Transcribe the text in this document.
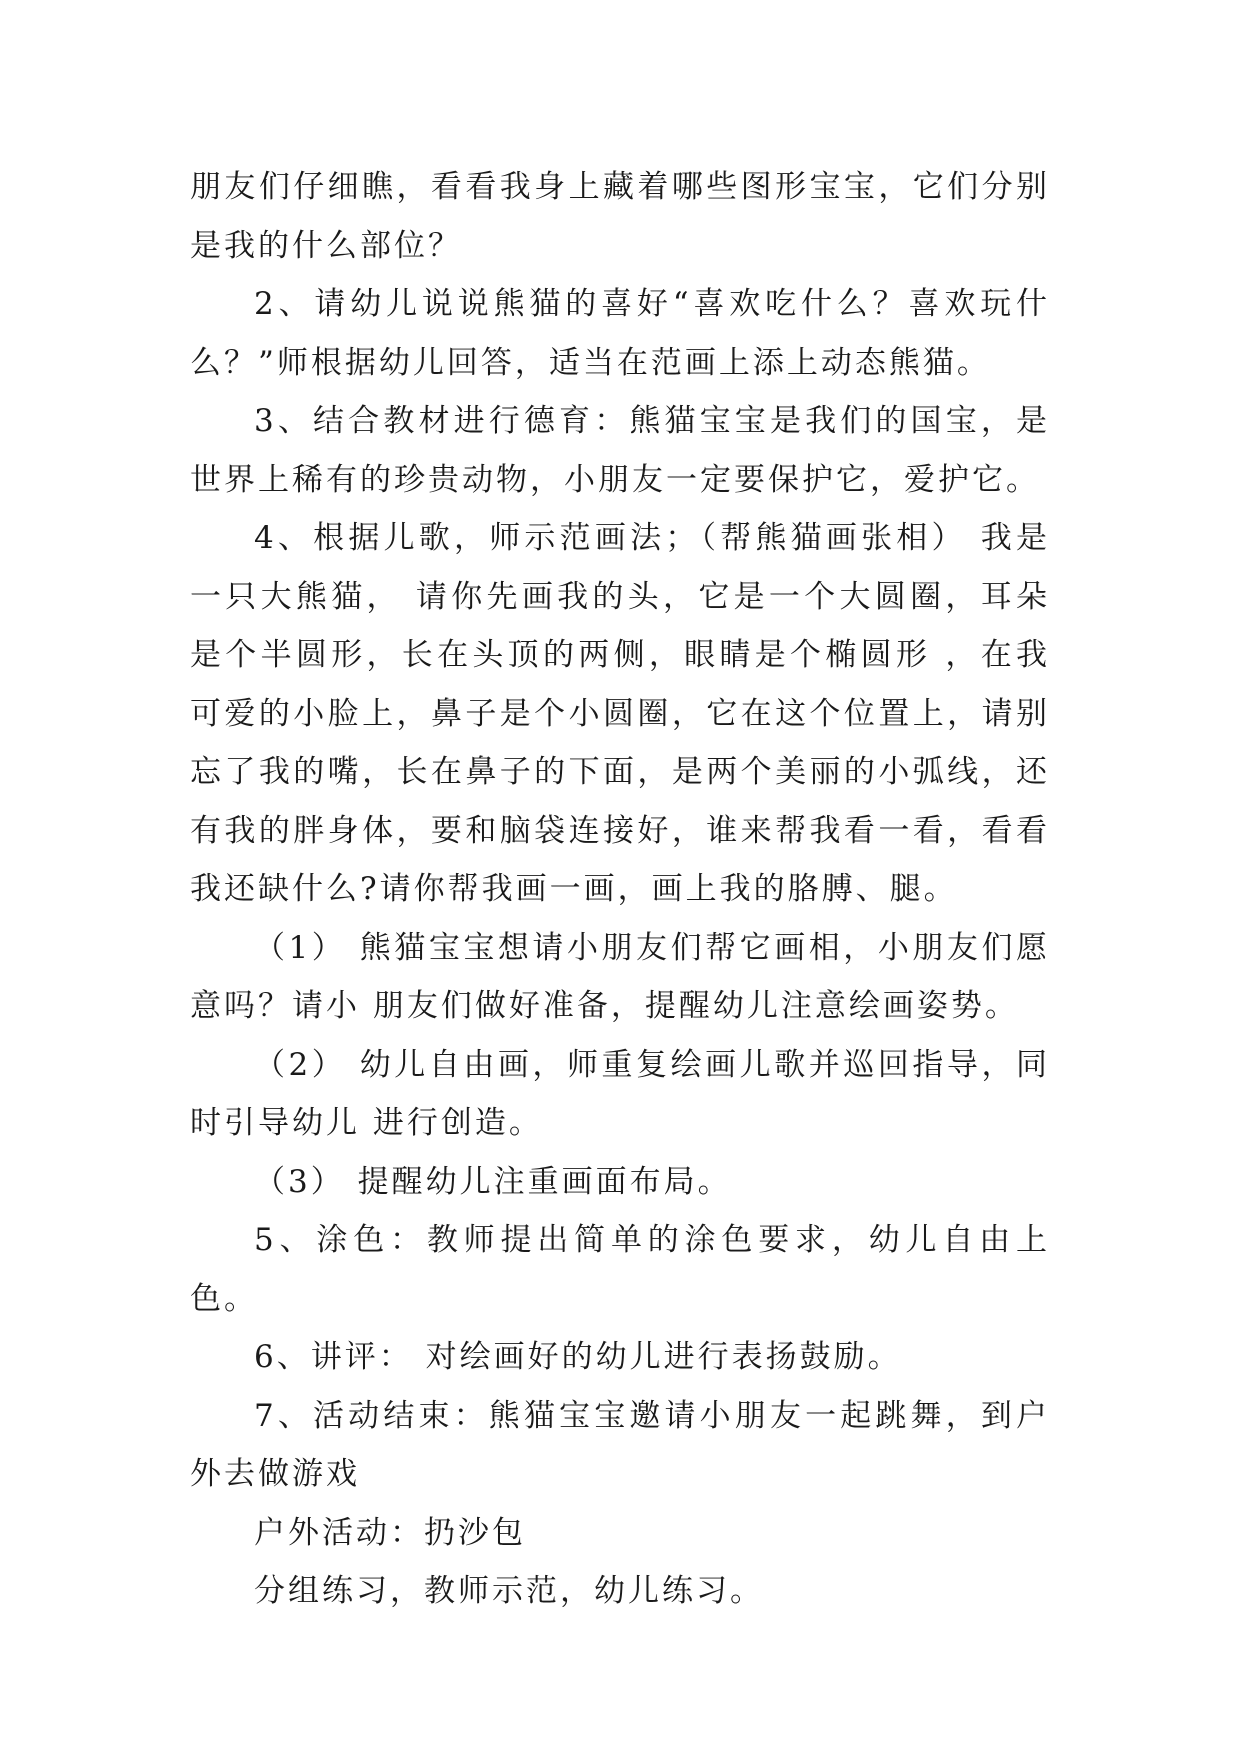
朋友们仔细瞧，看看我身上藏着哪些图形宝宝，它们分别是我的什么部位？

2、请幼儿说说熊猫的喜好“喜欢吃什么？喜欢玩什么？”师根据幼儿回答，适当在范画上添上动态熊猫。

3、结合教材进行德育：熊猫宝宝是我们的国宝，是世界上稀有的珍贵动物，小朋友一定要保护它，爱护它。

4、根据儿歌，师示范画法；（帮熊猫画张相） 我是一只大熊猫， 请你先画我的头，它是一个大圆圈，耳朵是个半圆形，长在头顶的两侧，眼睛是个椭圆形 ，在我可爱的小脸上，鼻子是个小圆圈，它在这个位置上，请别忘了我的嘴，长在鼻子的下面，是两个美丽的小弧线，还有我的胖身体，要和脑袋连接好，谁来帮我看一看，看看我还缺什么?请你帮我画一画，画上我的胳膊、腿。

（1） 熊猫宝宝想请小朋友们帮它画相，小朋友们愿意吗？请小 朋友们做好准备，提醒幼儿注意绘画姿势。

（2） 幼儿自由画，师重复绘画儿歌并巡回指导，同时引导幼儿 进行创造。

（3） 提醒幼儿注重画面布局。

5、涂色：教师提出简单的涂色要求，幼儿自由上色。

6、讲评： 对绘画好的幼儿进行表扬鼓励。

7、活动结束：熊猫宝宝邀请小朋友一起跳舞，到户外去做游戏

户外活动：扔沙包

分组练习，教师示范，幼儿练习。
